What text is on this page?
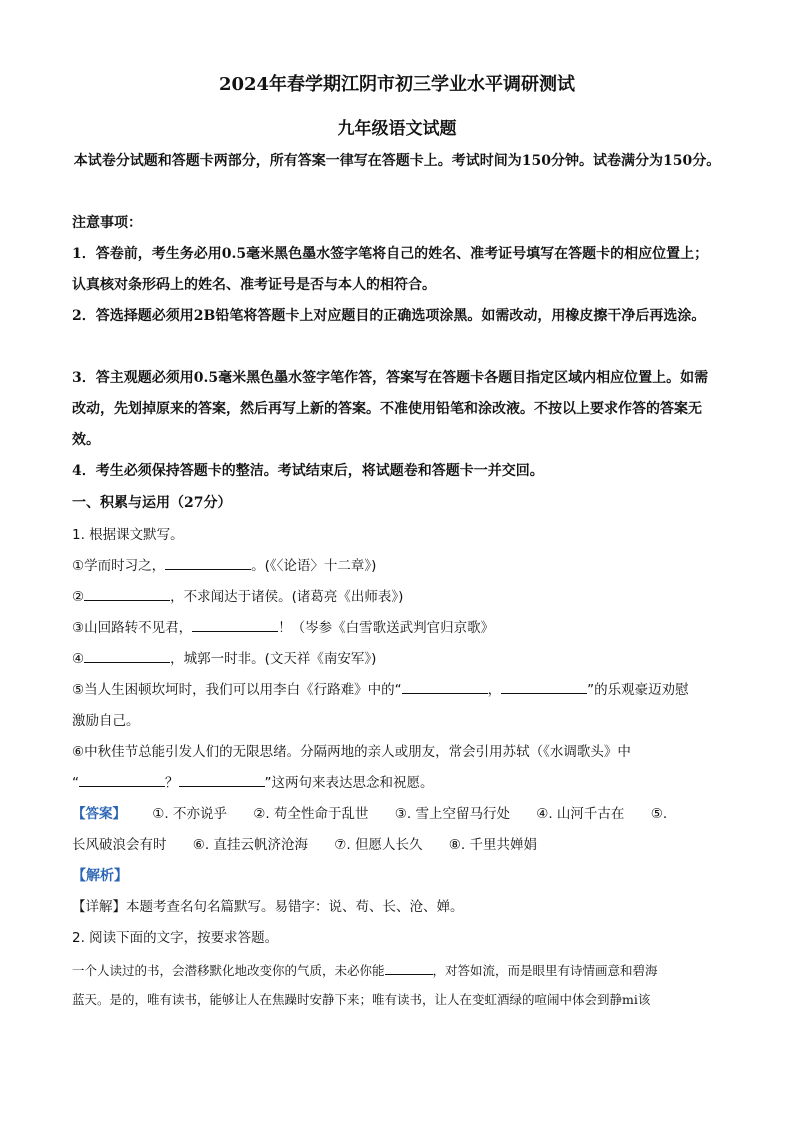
2024年春学期江阴市初三学业水平调研测试
九年级语文试题
本试卷分试题和答题卡两部分，所有答案一律写在答题卡上。考试时间为150分钟。试卷满分为150分。
注意事项：
1．答卷前，考生务必用0.5毫米黑色墨水签字笔将自己的姓名、准考证号填写在答题卡的相应位置上；认真核对条形码上的姓名、准考证号是否与本人的相符合。
2．答选择题必须用2B铅笔将答题卡上对应题目的正确选项涂黑。如需改动，用橡皮擦干净后再选涂。
3．答主观题必须用0.5毫米黑色墨水签字笔作答，答案写在答题卡各题目指定区域内相应位置上。如需改动，先划掉原来的答案，然后再写上新的答案。不准使用铅笔和涂改液。不按以上要求作答的答案无效。
4．考生必须保持答题卡的整洁。考试结束后，将试题卷和答题卡一并交回。
一、积累与运用（27分）
1. 根据课文默写。
①学而时习之，	。(《〈论语〉十二章》)
②	，不求闻达于诸侯。(诸葛亮《出师表》)
③山回路转不见君，	！（岑参《白雪歌送武判官归京歌》
④	，城郭一时非。(文天祥《南安军》)
⑤当人生困顿坎坷时，我们可以用李白《行路难》中的“	，	”的乐观豪迈劝慰
激励自己。
⑥中秋佳节总能引发人们的无限思绪。分隔两地的亲人或朋友，常会引用苏轼（《水调歌头》中
“	？	”这两句来表达思念和祝愿。
【答案】 ①. 不亦说乎 ②. 苟全性命于乱世 ③. 雪上空留马行处 ④. 山河千古在 ⑤.
长风破浪会有时 ⑥. 直挂云帆济沧海 ⑦. 但愿人长久 ⑧. 千里共婵娟
【解析】
【详解】本题考查名句名篇默写。易错字：说、苟、长、沧、婵。
2. 阅读下面的文字，按要求答题。
一个人读过的书，会潜移默化地改变你的气质，未必你能	，对答如流，而是眼里有诗情画意和碧海
蓝天。是的，唯有读书，能够让人在焦躁时安静下来；唯有读书，让人在变虹酒绿的喧闹中体会到静mi该
